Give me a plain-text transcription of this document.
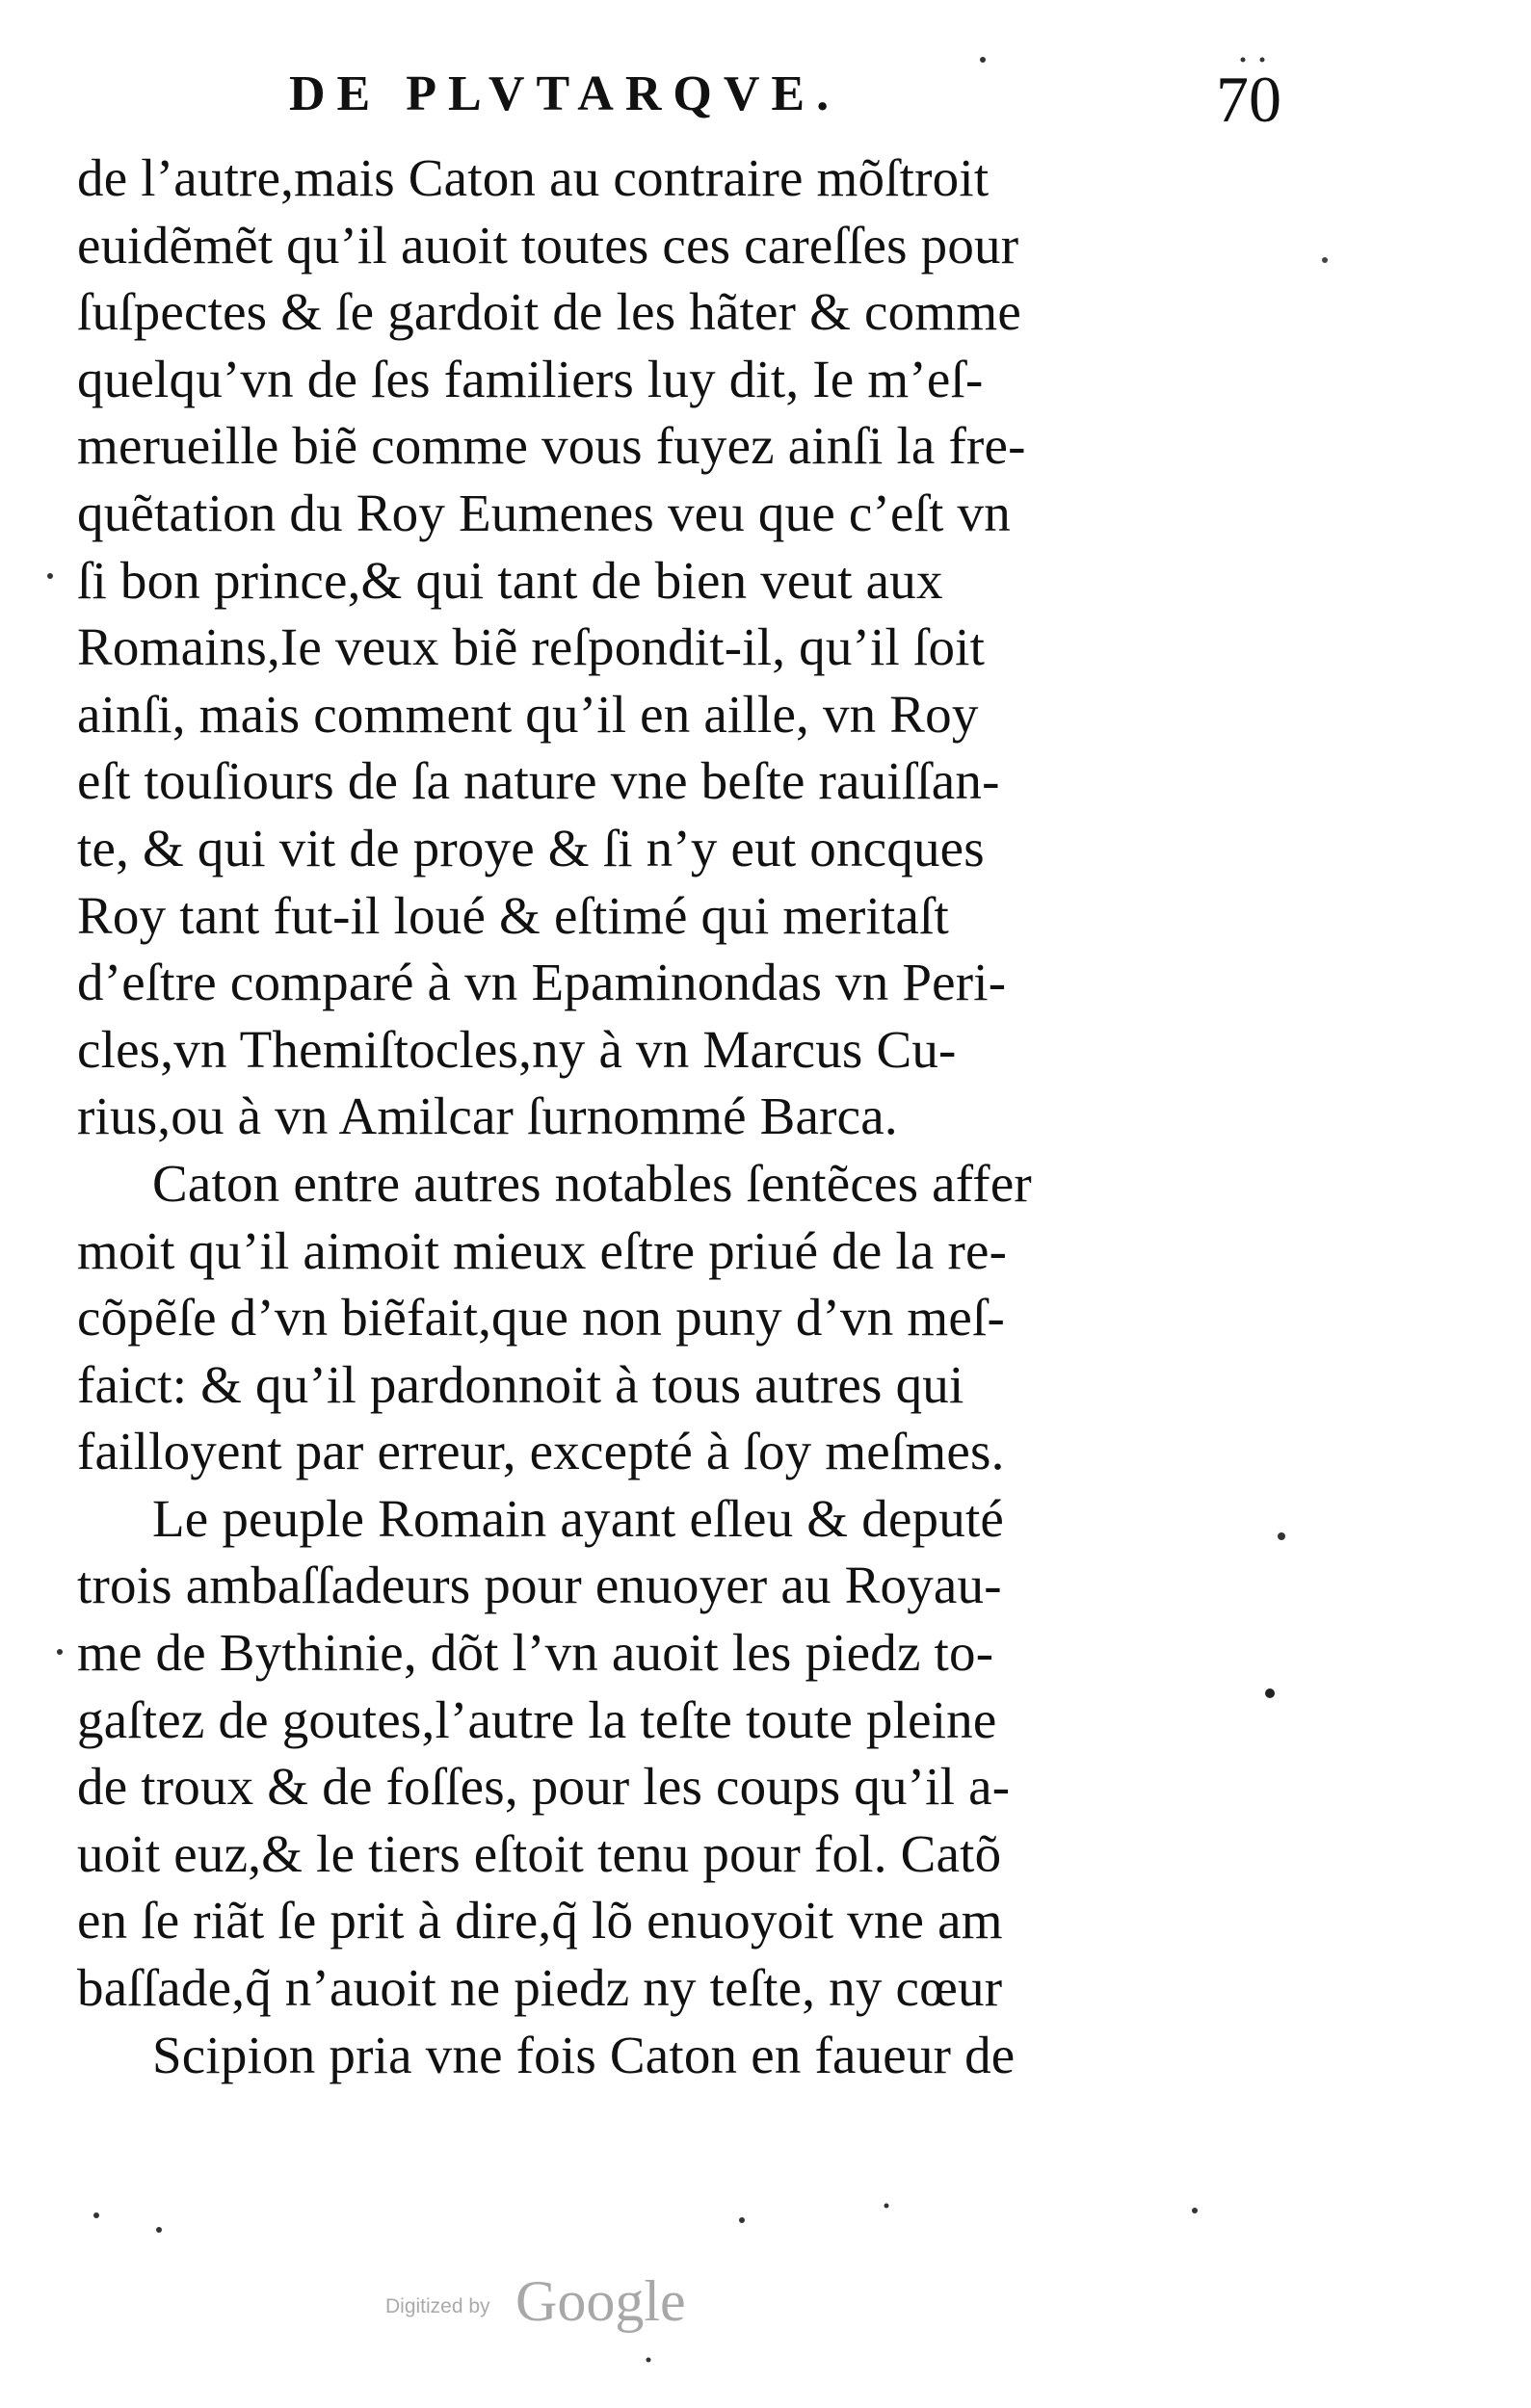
DE PLVTARQVE.	70
de l’autre,mais Caton au contraire mõſtroit
euidẽmẽt qu’il auoit toutes ces careſſes pour
ſuſpectes & ſe gardoit de les hãter & comme
quelqu’vn de ſes familiers luy dit, Ie m’eſ-
merueille biẽ comme vous fuyez ainſi la fre-
quẽtation du Roy Eumenes veu que c’eſt vn
ſi bon prince,& qui tant de bien veut aux
Romains,Ie veux biẽ reſpondit-il, qu’il ſoit
ainſi, mais comment qu’il en aille, vn Roy
eſt touſiours de ſa nature vne beſte rauiſſan-
te, & qui vit de proye & ſi n’y eut oncques
Roy tant fut-il loué & eſtimé qui meritaſt
d’eſtre comparé à vn Epaminondas vn Peri-
cles,vn Themiſtocles,ny à vn Marcus Cu-
rius,ou à vn Amilcar ſurnommé Barca.
Caton entre autres notables ſentẽces affer
moit qu’il aimoit mieux eſtre priué de la re-
cõpẽſe d’vn biẽfait,que non puny d’vn meſ-
faict: & qu’il pardonnoit à tous autres qui
failloyent par erreur, excepté à ſoy meſmes.
Le peuple Romain ayant eſleu & deputé
trois ambaſſadeurs pour enuoyer au Royau-
me de Bythinie, dõt l’vn auoit les piedz to-
gaſtez de goutes,l’autre la teſte toute pleine
de troux & de foſſes, pour les coups qu’il a-
uoit euz,& le tiers eſtoit tenu pour fol. Catõ
en ſe riãt ſe prit à dire,q̃ lõ enuoyoit vne am
baſſade,q̃ n’auoit ne piedz ny teſte, ny cœur
Scipion pria vne fois Caton en faueur de
Digitized by Google
